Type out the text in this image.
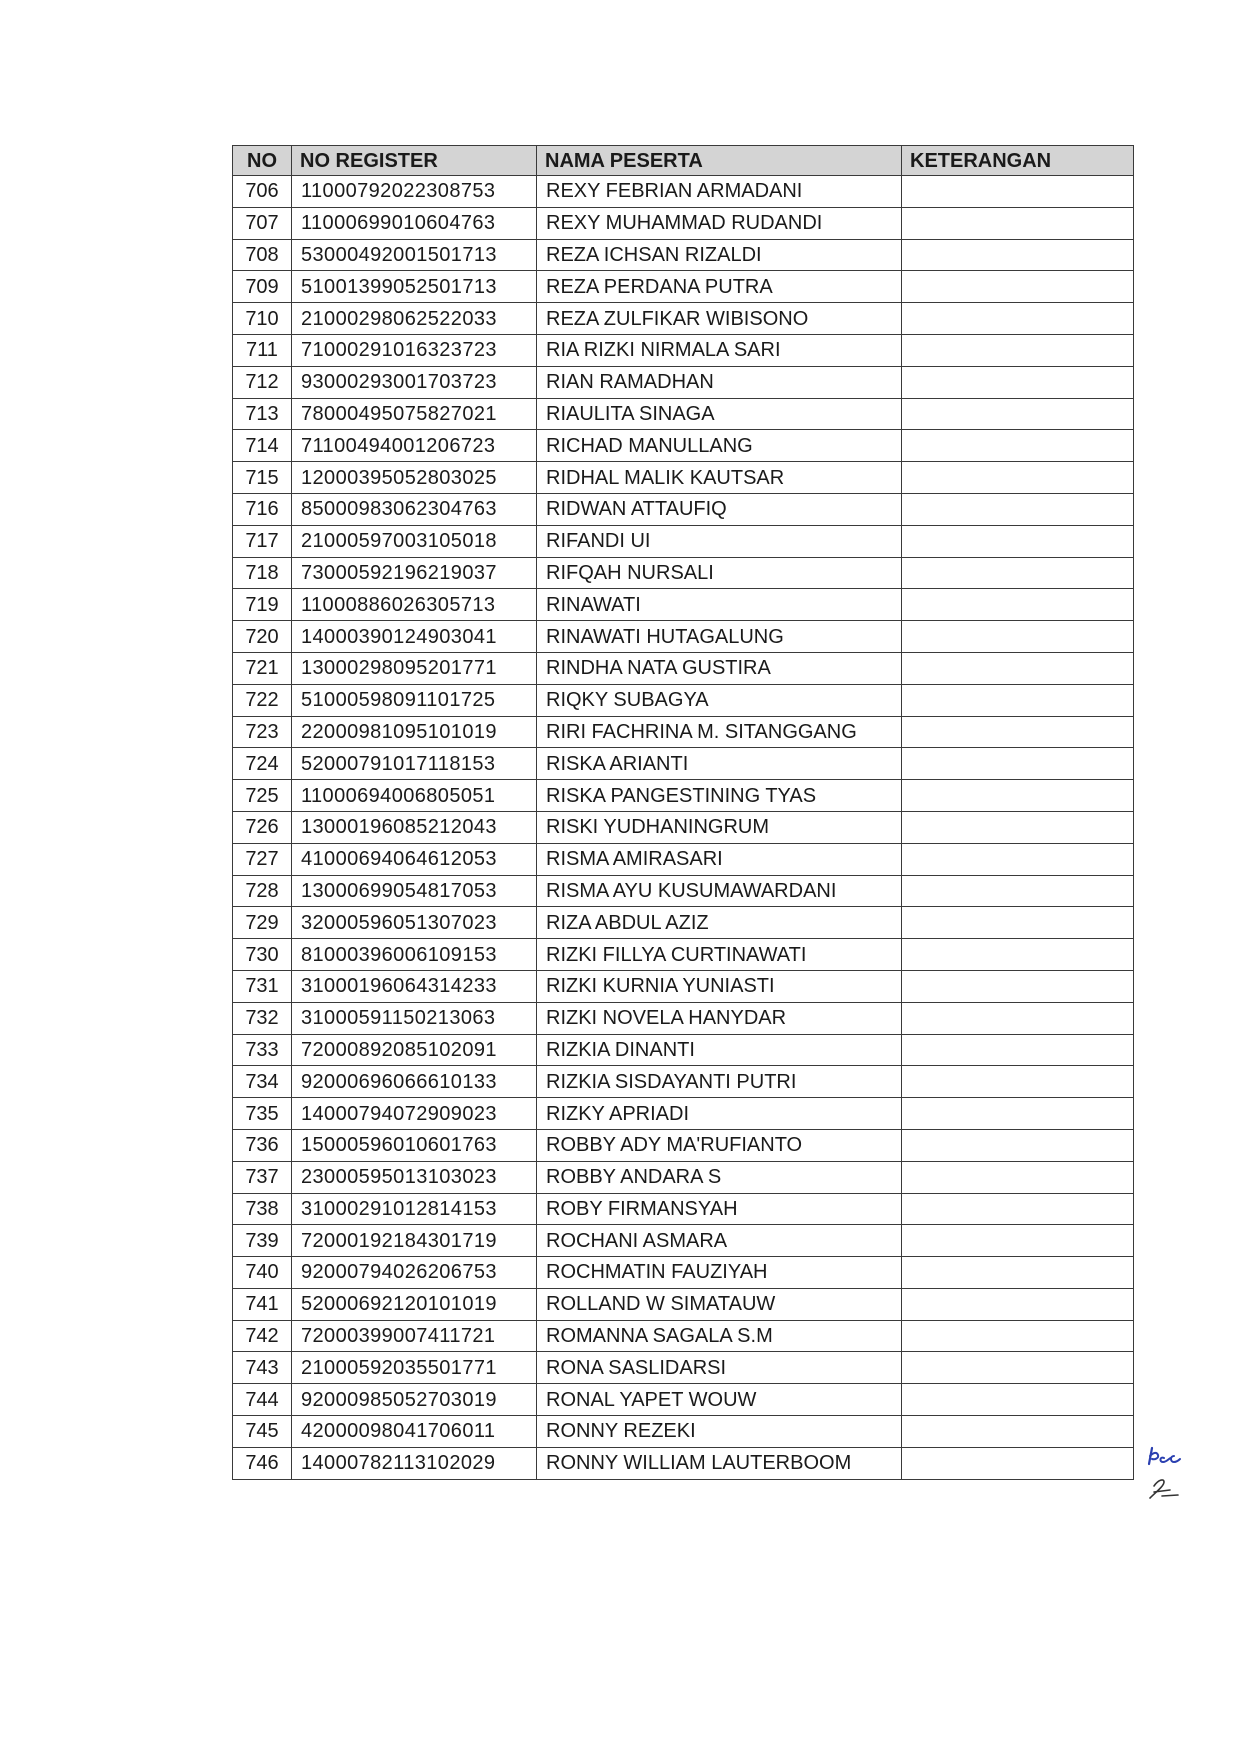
NO	NO REGISTER	NAMA PESERTA	KETERANGAN
706	11000792022308753	REXY FEBRIAN ARMADANI	
707	11000699010604763	REXY MUHAMMAD RUDANDI	
708	53000492001501713	REZA ICHSAN RIZALDI	
709	51001399052501713	REZA PERDANA PUTRA	
710	21000298062522033	REZA ZULFIKAR WIBISONO	
711	71000291016323723	RIA RIZKI NIRMALA SARI	
712	93000293001703723	RIAN RAMADHAN	
713	78000495075827021	RIAULITA SINAGA	
714	71100494001206723	RICHAD MANULLANG	
715	12000395052803025	RIDHAL MALIK KAUTSAR	
716	85000983062304763	RIDWAN ATTAUFIQ	
717	21000597003105018	RIFANDI UI	
718	73000592196219037	RIFQAH NURSALI	
719	11000886026305713	RINAWATI	
720	14000390124903041	RINAWATI HUTAGALUNG	
721	13000298095201771	RINDHA NATA GUSTIRA	
722	51000598091101725	RIQKY SUBAGYA	
723	22000981095101019	RIRI FACHRINA M. SITANGGANG	
724	52000791017118153	RISKA ARIANTI	
725	11000694006805051	RISKA PANGESTINING TYAS	
726	13000196085212043	RISKI YUDHANINGRUM	
727	41000694064612053	RISMA AMIRASARI	
728	13000699054817053	RISMA AYU KUSUMAWARDANI	
729	32000596051307023	RIZA ABDUL AZIZ	
730	81000396006109153	RIZKI FILLYA CURTINAWATI	
731	31000196064314233	RIZKI KURNIA YUNIASTI	
732	31000591150213063	RIZKI NOVELA HANYDAR	
733	72000892085102091	RIZKIA DINANTI	
734	92000696066610133	RIZKIA SISDAYANTI PUTRI	
735	14000794072909023	RIZKY APRIADI	
736	15000596010601763	ROBBY ADY MA'RUFIANTO	
737	23000595013103023	ROBBY ANDARA S	
738	31000291012814153	ROBY FIRMANSYAH	
739	72000192184301719	ROCHANI ASMARA	
740	92000794026206753	ROCHMATIN FAUZIYAH	
741	52000692120101019	ROLLAND W SIMATAUW	
742	72000399007411721	ROMANNA SAGALA S.M	
743	21000592035501771	RONA SASLIDARSI	
744	92000985052703019	RONAL YAPET WOUW	
745	42000098041706011	RONNY REZEKI	
746	14000782113102029	RONNY WILLIAM LAUTERBOOM	
